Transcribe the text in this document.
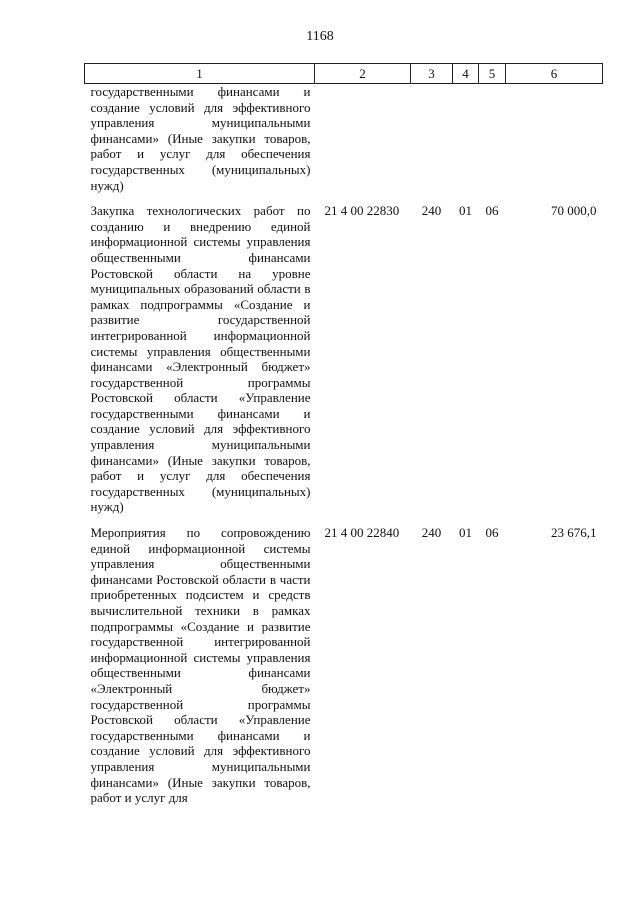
1168
1	2	3	4	5	6
государственными финансами и создание условий для эффективного управления муниципальными финансами» (Иные закупки товаров, работ и услуг для обеспечения государственных (муниципальных) нужд)					
Закупка технологических работ по созданию и внедрению единой информационной системы управления общественными финансами Ростовской области на уровне муниципальных образований области в рамках подпрограммы «Создание и развитие государственной интегрированной информационной системы управления общественными финансами «Электронный бюджет» государственной программы Ростовской области «Управление государственными финансами и создание условий для эффективного управления муниципальными финансами» (Иные закупки товаров, работ и услуг для обеспечения государственных (муниципальных) нужд)	21 4 00 22830	240	01	06	70 000,0
Мероприятия по сопровождению единой информационной системы управления общественными финансами Ростовской области в части приобретенных подсистем и средств вычислительной техники в рамках подпрограммы «Создание и развитие государственной интегрированной информационной системы управления общественными финансами «Электронный бюджет» государственной программы Ростовской области «Управление государственными финансами и создание условий для эффективного управления муниципальными финансами» (Иные закупки товаров, работ и услуг для	21 4 00 22840	240	01	06	23 676,1
